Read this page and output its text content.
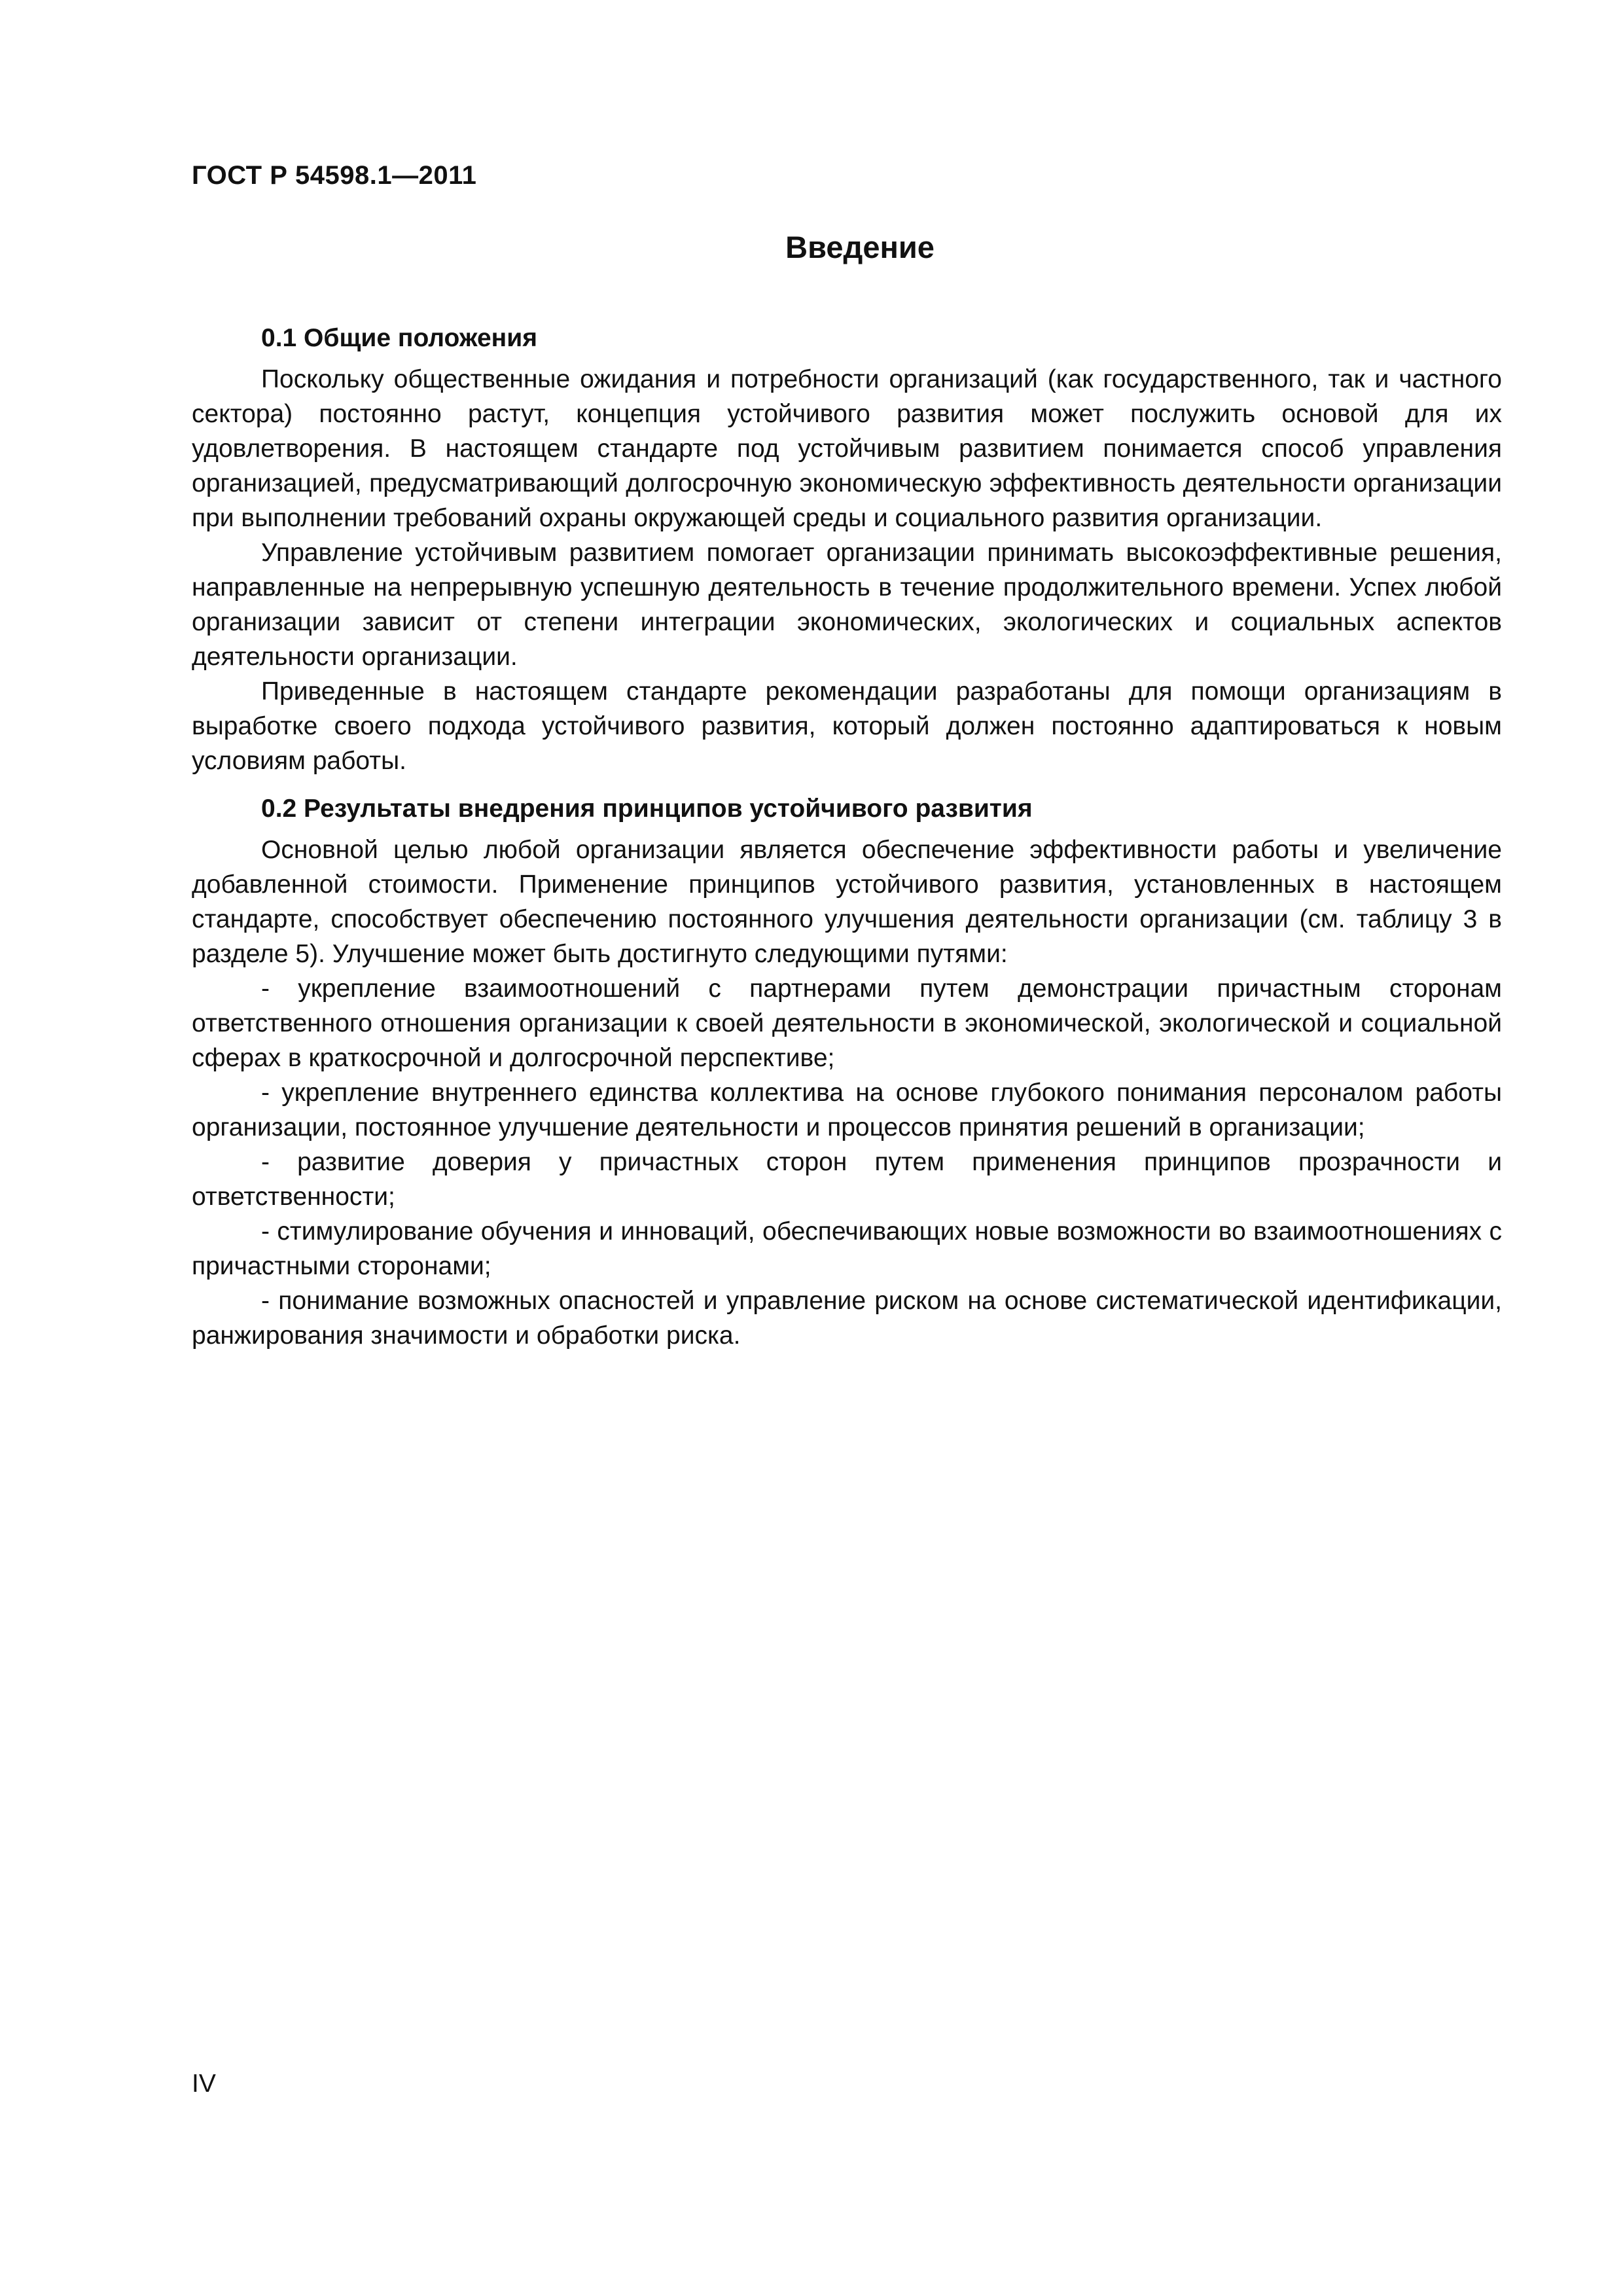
ГОСТ Р 54598.1—2011
Введение
0.1 Общие положения

Поскольку общественные ожидания и потребности организаций (как государственного, так и частного сектора) постоянно растут, концепция устойчивого развития может послужить основой для их удовлетворения. В настоящем стандарте под устойчивым развитием понимается способ управления организацией, предусматривающий долгосрочную экономическую эффективность деятельности организации при выполнении требований охраны окружающей среды и социального развития организации.

Управление устойчивым развитием помогает организации принимать высокоэффективные решения, направленные на непрерывную успешную деятельность в течение продолжительного времени. Успех любой организации зависит от степени интеграции экономических, экологических и социальных аспектов деятельности организации.

Приведенные в настоящем стандарте рекомендации разработаны для помощи организациям в выработке своего подхода устойчивого развития, который должен постоянно адаптироваться к новым условиям работы.

0.2 Результаты внедрения принципов устойчивого развития

Основной целью любой организации является обеспечение эффективности работы и увеличение добавленной стоимости. Применение принципов устойчивого развития, установленных в настоящем стандарте, способствует обеспечению постоянного улучшения деятельности организации (см. таблицу 3 в разделе 5). Улучшение может быть достигнуто следующими путями:

- укрепление взаимоотношений с партнерами путем демонстрации причастным сторонам ответственного отношения организации к своей деятельности в экономической, экологической и социальной сферах в краткосрочной и долгосрочной перспективе;

- укрепление внутреннего единства коллектива на основе глубокого понимания персоналом работы организации, постоянное улучшение деятельности и процессов принятия решений в организации;

- развитие доверия у причастных сторон путем применения принципов прозрачности и ответственности;

- стимулирование обучения и инноваций, обеспечивающих новые возможности во взаимоотношениях с причастными сторонами;

- понимание возможных опасностей и управление риском на основе систематической идентификации, ранжирования значимости и обработки риска.

IV
